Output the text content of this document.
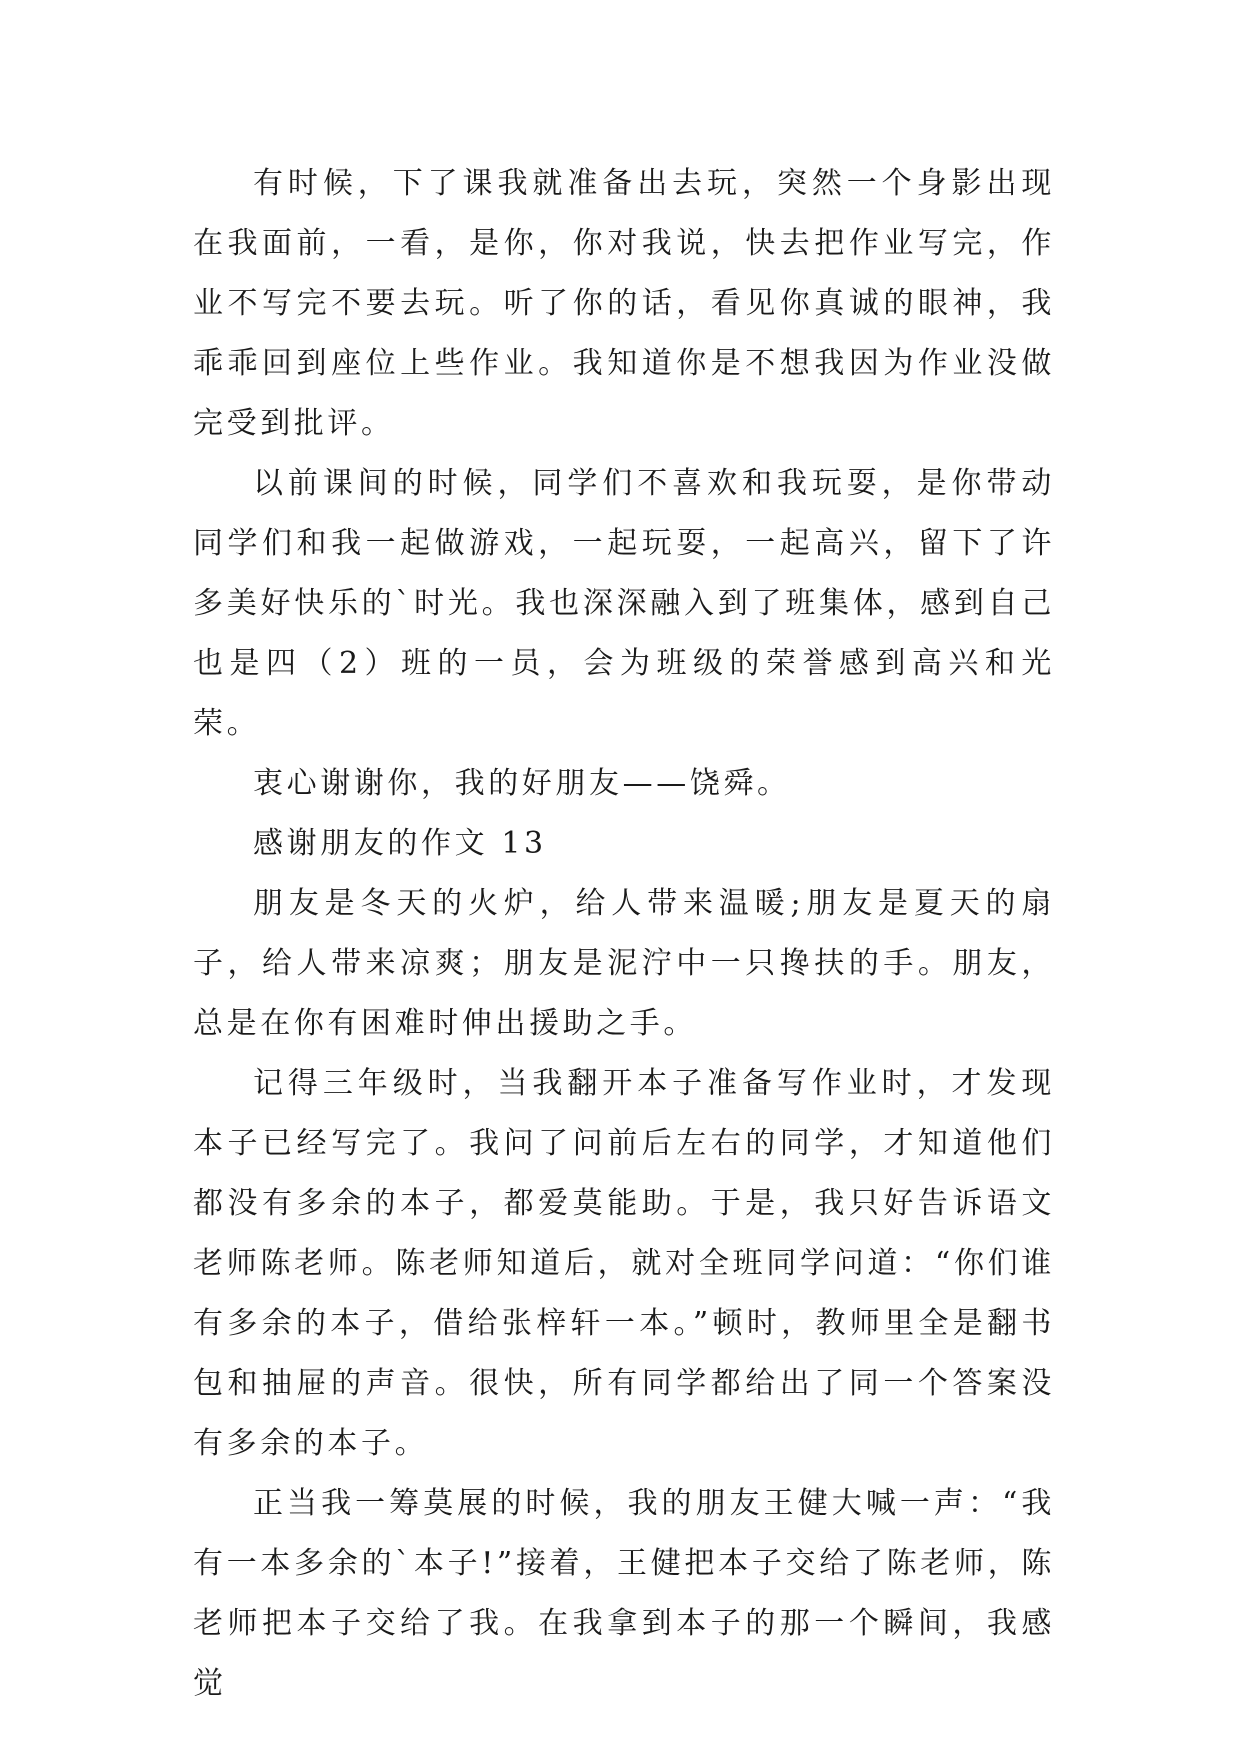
有时候，下了课我就准备出去玩，突然一个身影出现在我面前，一看，是你，你对我说，快去把作业写完，作业不写完不要去玩。听了你的话，看见你真诚的眼神，我乖乖回到座位上些作业。我知道你是不想我因为作业没做完受到批评。

以前课间的时候，同学们不喜欢和我玩耍，是你带动同学们和我一起做游戏，一起玩耍，一起高兴，留下了许多美好快乐的`时光。我也深深融入到了班集体，感到自己也是四（2）班的一员，会为班级的荣誉感到高兴和光荣。

衷心谢谢你，我的好朋友——饶舜。

感谢朋友的作文 13

朋友是冬天的火炉，给人带来温暖;朋友是夏天的扇子，给人带来凉爽；朋友是泥泞中一只搀扶的手。朋友，总是在你有困难时伸出援助之手。

记得三年级时，当我翻开本子准备写作业时，才发现本子已经写完了。我问了问前后左右的同学，才知道他们都没有多余的本子，都爱莫能助。于是，我只好告诉语文老师陈老师。陈老师知道后，就对全班同学问道：“你们谁有多余的本子，借给张梓轩一本。”顿时，教师里全是翻书包和抽屉的声音。很快，所有同学都给出了同一个答案没有多余的本子。

正当我一筹莫展的时候，我的朋友王健大喊一声：“我有一本多余的`本子!”接着，王健把本子交给了陈老师，陈老师把本子交给了我。在我拿到本子的那一个瞬间，我感觉
